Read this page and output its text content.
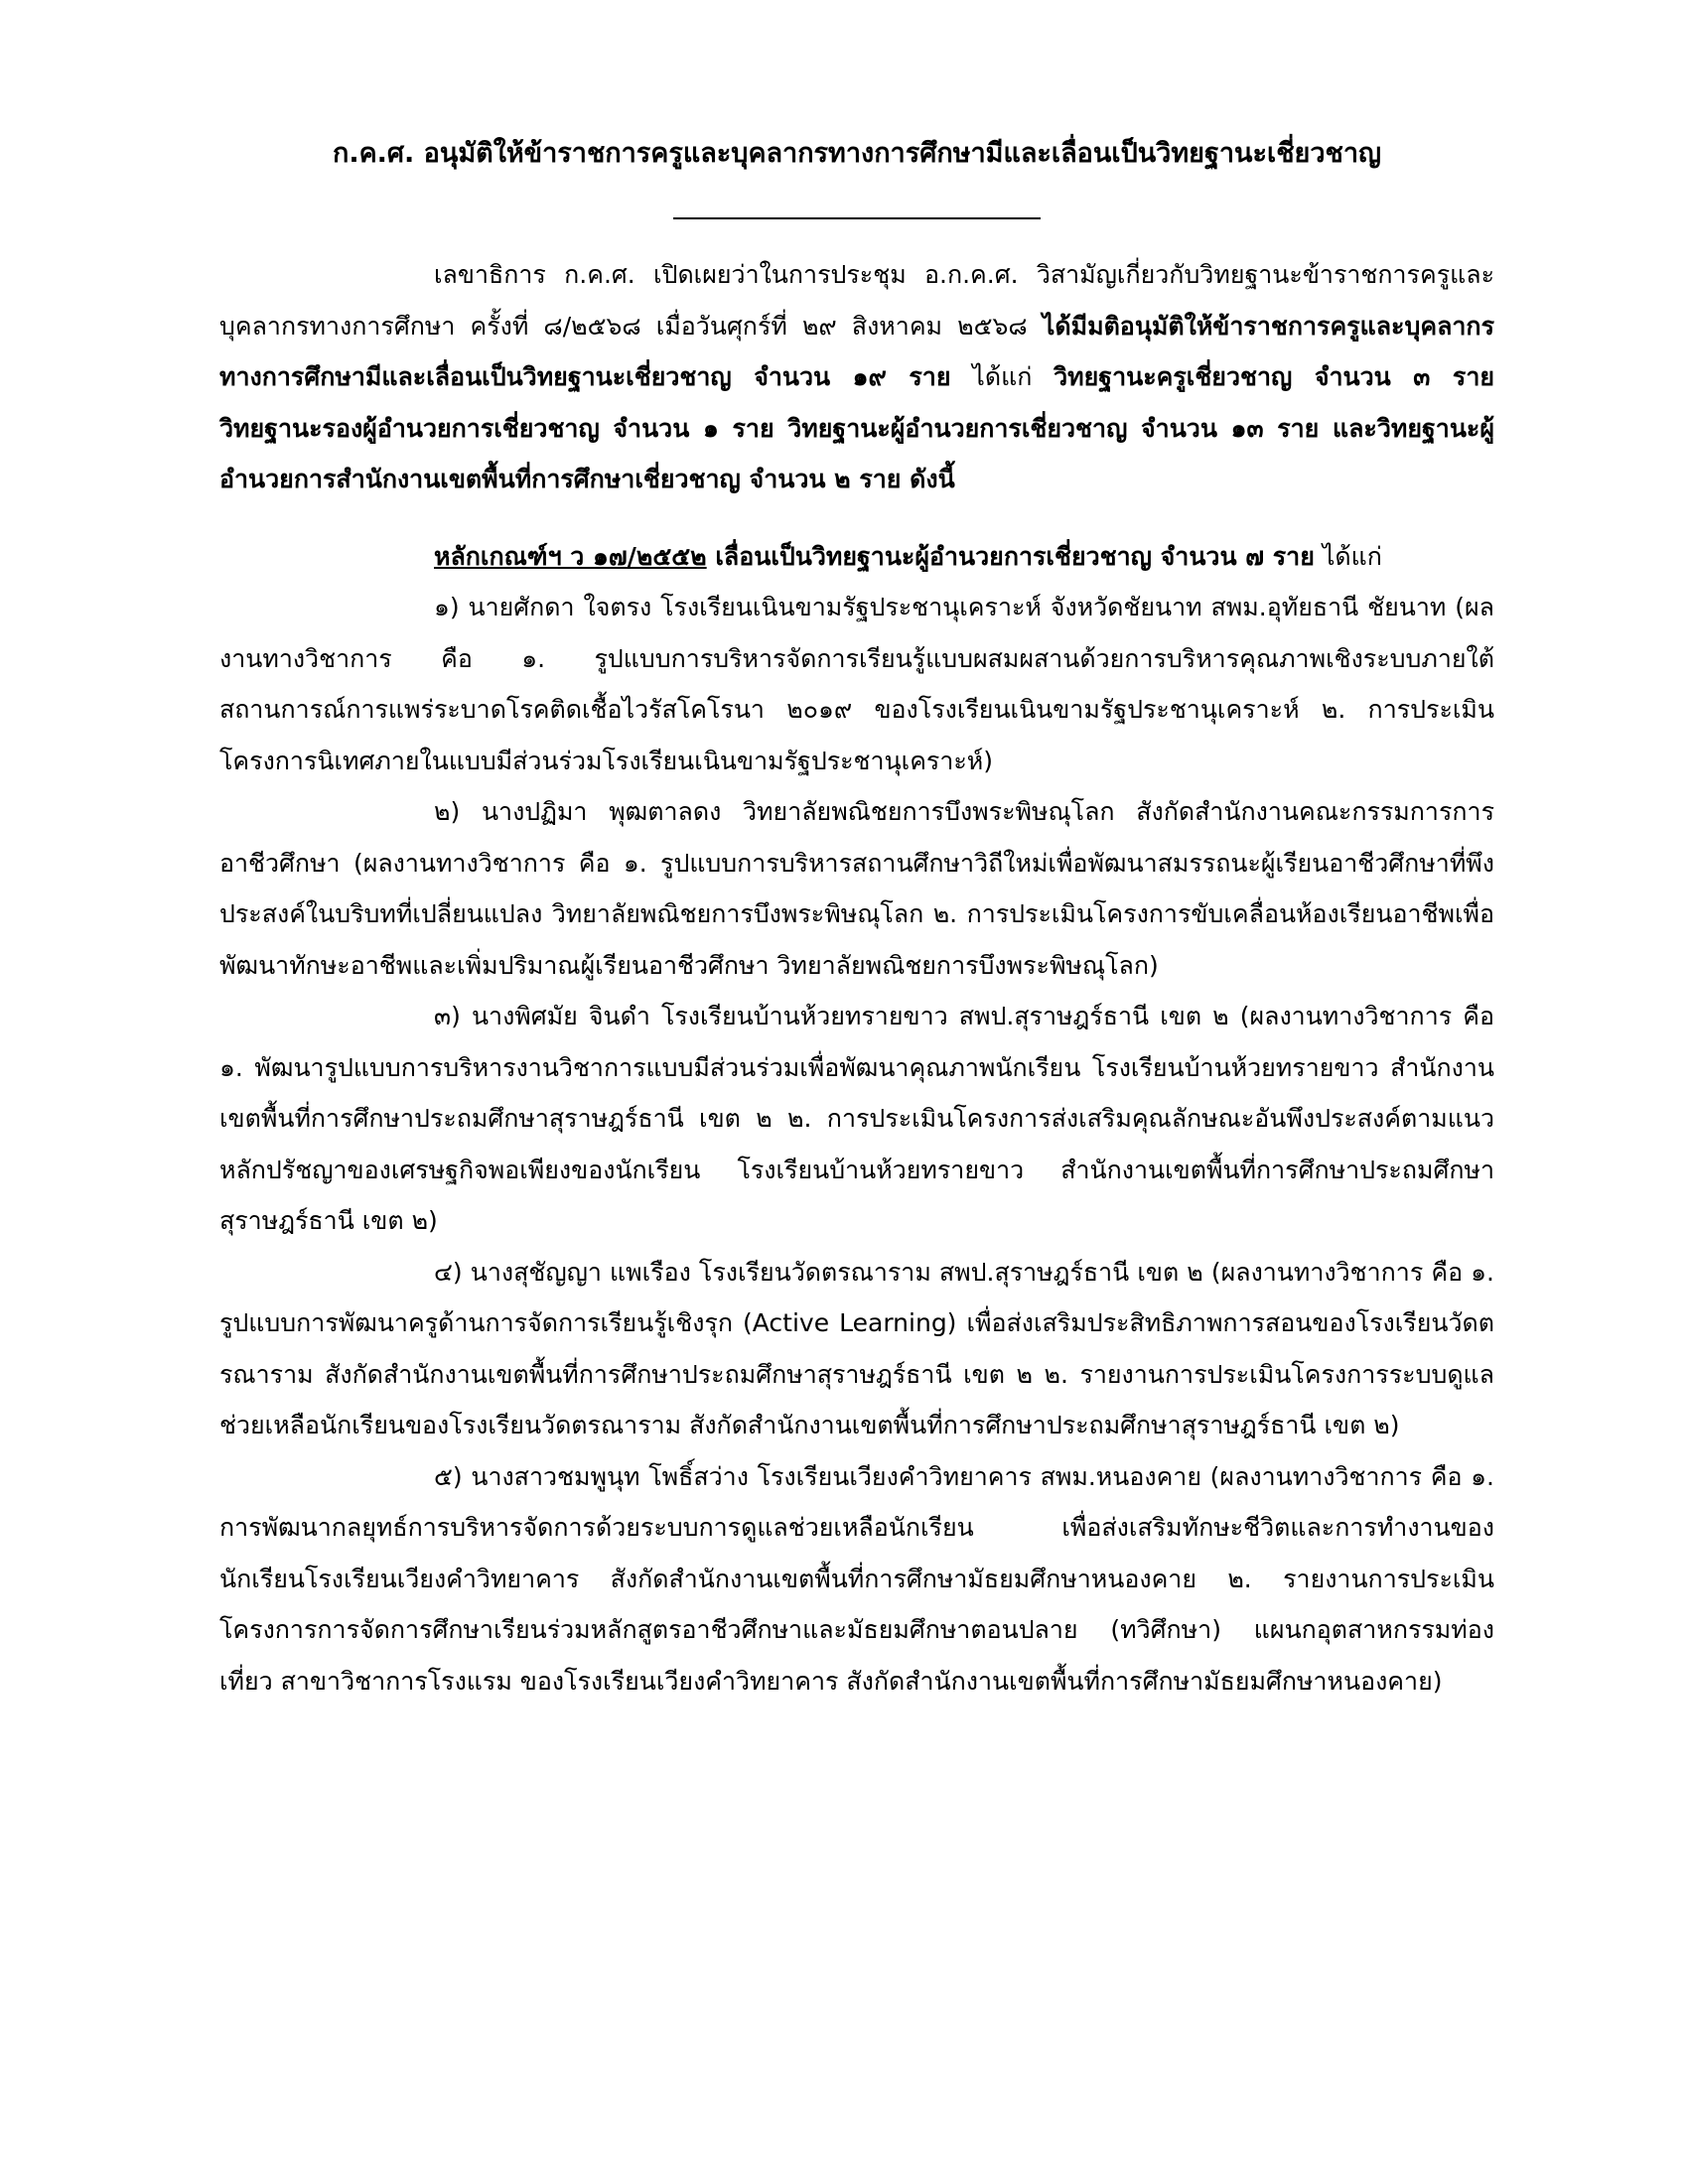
ก.ค.ศ. อนุมัติให้ข้าราชการครูและบุคลากรทางการศึกษามีและเลื่อนเป็นวิทยฐานะเชี่ยวชาญ

เลขาธิการ ก.ค.ศ. เปิดเผยว่าในการประชุม อ.ก.ค.ศ. วิสามัญเกี่ยวกับวิทยฐานะข้าราชการครูและบุคลากรทางการศึกษา ครั้งที่ ๘/๒๕๖๘ เมื่อวันศุกร์ที่ ๒๙ สิงหาคม ๒๕๖๘ ได้มีมติอนุมัติให้ข้าราชการครูและบุคลากรทางการศึกษามีและเลื่อนเป็นวิทยฐานะเชี่ยวชาญ จำนวน ๑๙ ราย ได้แก่ วิทยฐานะครูเชี่ยวชาญ จำนวน ๓ ราย วิทยฐานะรองผู้อำนวยการเชี่ยวชาญ จำนวน ๑ ราย วิทยฐานะผู้อำนวยการเชี่ยวชาญ จำนวน ๑๓ ราย และวิทยฐานะผู้อำนวยการสำนักงานเขตพื้นที่การศึกษาเชี่ยวชาญ จำนวน ๒ ราย ดังนี้

หลักเกณฑ์ฯ ว ๑๗/๒๕๕๒ เลื่อนเป็นวิทยฐานะผู้อำนวยการเชี่ยวชาญ จำนวน ๗ ราย ได้แก่

๑) นายศักดา ใจตรง โรงเรียนเนินขามรัฐประชานุเคราะห์ จังหวัดชัยนาท สพม.อุทัยธานี ชัยนาท (ผลงานทางวิชาการ คือ ๑. รูปแบบการบริหารจัดการเรียนรู้แบบผสมผสานด้วยการบริหารคุณภาพเชิงระบบภายใต้สถานการณ์การแพร่ระบาดโรคติดเชื้อไวรัสโคโรนา ๒๐๑๙ ของโรงเรียนเนินขามรัฐประชานุเคราะห์ ๒. การประเมินโครงการนิเทศภายในแบบมีส่วนร่วมโรงเรียนเนินขามรัฐประชานุเคราะห์)

๒) นางปฏิมา พุฒตาลดง วิทยาลัยพณิชยการบึงพระพิษณุโลก สังกัดสำนักงานคณะกรรมการการอาชีวศึกษา (ผลงานทางวิชาการ คือ ๑. รูปแบบการบริหารสถานศึกษาวิถีใหม่เพื่อพัฒนาสมรรถนะผู้เรียนอาชีวศึกษาที่พึงประสงค์ในบริบทที่เปลี่ยนแปลง วิทยาลัยพณิชยการบึงพระพิษณุโลก ๒. การประเมินโครงการขับเคลื่อนห้องเรียนอาชีพเพื่อพัฒนาทักษะอาชีพและเพิ่มปริมาณผู้เรียนอาชีวศึกษา วิทยาลัยพณิชยการบึงพระพิษณุโลก)

๓) นางพิศมัย จินดำ โรงเรียนบ้านห้วยทรายขาว สพป.สุราษฎร์ธานี เขต ๒ (ผลงานทางวิชาการ คือ ๑. พัฒนารูปแบบการบริหารงานวิชาการแบบมีส่วนร่วมเพื่อพัฒนาคุณภาพนักเรียน โรงเรียนบ้านห้วยทรายขาว สำนักงานเขตพื้นที่การศึกษาประถมศึกษาสุราษฎร์ธานี เขต ๒ ๒. การประเมินโครงการส่งเสริมคุณลักษณะอันพึงประสงค์ตามแนวหลักปรัชญาของเศรษฐกิจพอเพียงของนักเรียน โรงเรียนบ้านห้วยทรายขาว สำนักงานเขตพื้นที่การศึกษาประถมศึกษาสุราษฎร์ธานี เขต ๒)

๔) นางสุชัญญา แพเรือง โรงเรียนวัดตรณาราม สพป.สุราษฎร์ธานี เขต ๒ (ผลงานทางวิชาการ คือ ๑. รูปแบบการพัฒนาครูด้านการจัดการเรียนรู้เชิงรุก (Active Learning) เพื่อส่งเสริมประสิทธิภาพการสอนของโรงเรียนวัดตรณาราม สังกัดสำนักงานเขตพื้นที่การศึกษาประถมศึกษาสุราษฎร์ธานี เขต ๒ ๒. รายงานการประเมินโครงการระบบดูแลช่วยเหลือนักเรียนของโรงเรียนวัดตรณาราม สังกัดสำนักงานเขตพื้นที่การศึกษาประถมศึกษาสุราษฎร์ธานี เขต ๒)

๕) นางสาวชมพูนุท โพธิ์สว่าง โรงเรียนเวียงคำวิทยาคาร สพม.หนองคาย (ผลงานทางวิชาการ คือ ๑. การพัฒนากลยุทธ์การบริหารจัดการด้วยระบบการดูแลช่วยเหลือนักเรียน เพื่อส่งเสริมทักษะชีวิตและการทำงานของนักเรียนโรงเรียนเวียงคำวิทยาคาร สังกัดสำนักงานเขตพื้นที่การศึกษามัธยมศึกษาหนองคาย ๒. รายงานการประเมินโครงการการจัดการศึกษาเรียนร่วมหลักสูตรอาชีวศึกษาและมัธยมศึกษาตอนปลาย (ทวิศึกษา) แผนกอุตสาหกรรมท่องเที่ยว สาขาวิชาการโรงแรม ของโรงเรียนเวียงคำวิทยาคาร สังกัดสำนักงานเขตพื้นที่การศึกษามัธยมศึกษาหนองคาย)
